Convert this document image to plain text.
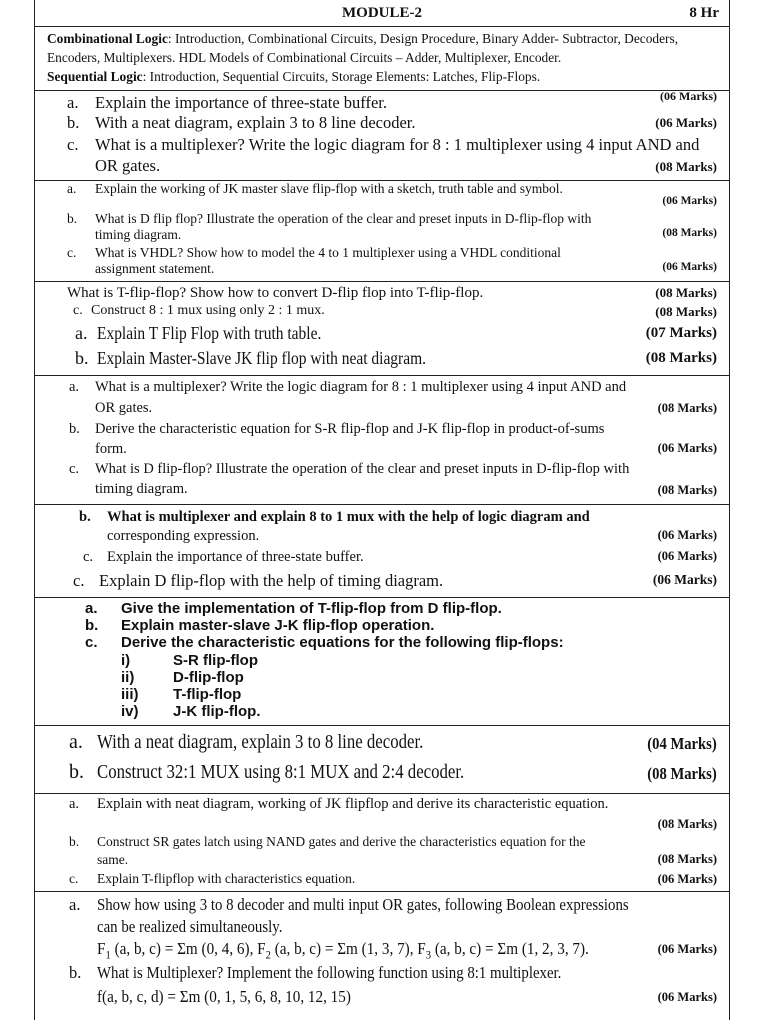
MODULE-2	8 Hr
Combinational Logic: Introduction, Combinational Circuits, Design Procedure, Binary Adder- Subtractor, Decoders, Encoders, Multiplexers. HDL Models of Combinational Circuits – Adder, Multiplexer, Encoder.
Sequential Logic: Introduction, Sequential Circuits, Storage Elements: Latches, Flip-Flops.
a. Explain the importance of three-state buffer.	(06 Marks)
b. With a neat diagram, explain 3 to 8 line decoder.	(06 Marks)
c. What is a multiplexer? Write the logic diagram for 8 : 1 multiplexer using 4 input AND and
OR gates.	(08 Marks)
a. Explain the working of JK master slave flip-flop with a sketch, truth table and symbol.
(06 Marks)
b. What is D flip flop? Illustrate the operation of the clear and preset inputs in D-flip-flop with
timing diagram.	(08 Marks)
c. What is VHDL? Show how to model the 4 to 1 multiplexer using a VHDL conditional
assignment statement.	(06 Marks)
What is T-flip-flop? Show how to convert D-flip flop into T-flip-flop.	(08 Marks)
c. Construct 8 : 1 mux using only 2 : 1 mux.	(08 Marks)
a. Explain T Flip Flop with truth table.	(07 Marks)
b. Explain Master-Slave JK flip flop with neat diagram.	(08 Marks)
a. What is a multiplexer? Write the logic diagram for 8 : 1 multiplexer using 4 input AND and
OR gates.	(08 Marks)
b. Derive the characteristic equation for S-R flip-flop and J-K flip-flop in product-of-sums
form.	(06 Marks)
c. What is D flip-flop? Illustrate the operation of the clear and preset inputs in D-flip-flop with
timing diagram.	(08 Marks)
b. What is multiplexer and explain 8 to 1 mux with the help of logic diagram and
corresponding expression.	(06 Marks)
c. Explain the importance of three-state buffer.	(06 Marks)
c. Explain D flip-flop with the help of timing diagram.	(06 Marks)
a. Give the implementation of T-flip-flop from D flip-flop.
b. Explain master-slave J-K flip-flop operation.
c. Derive the characteristic equations for the following flip-flops:
i)	S-R flip-flop
ii)	D-flip-flop
iii) T-flip-flop
iv) J-K flip-flop.
a. With a neat diagram, explain 3 to 8 line decoder.	(04 Marks)
b. Construct 32:1 MUX using 8:1 MUX and 2:4 decoder.	(08 Marks)
a. Explain with neat diagram, working of JK flipflop and derive its characteristic equation.
(08 Marks)
b. Construct SR gates latch using NAND gates and derive the characteristics equation for the
same.	(08 Marks)
c. Explain T-flipflop with characteristics equation.	(06 Marks)
a. Show how using 3 to 8 decoder and multi input OR gates, following Boolean expressions
can be realized simultaneously.
$F_1$ (a, b, c) = Σm (0, 4, 6), $F_2$ (a, b, c) = Σm (1, 3, 7), $F_3$ (a, b, c) = Σm (1, 2, 3, 7).	(06 Marks)
b. What is Multiplexer? Implement the following function using 8:1 multiplexer.
f(a, b, c, d) = Σm (0, 1, 5, 6, 8, 10, 12, 15)	(06 Marks)
